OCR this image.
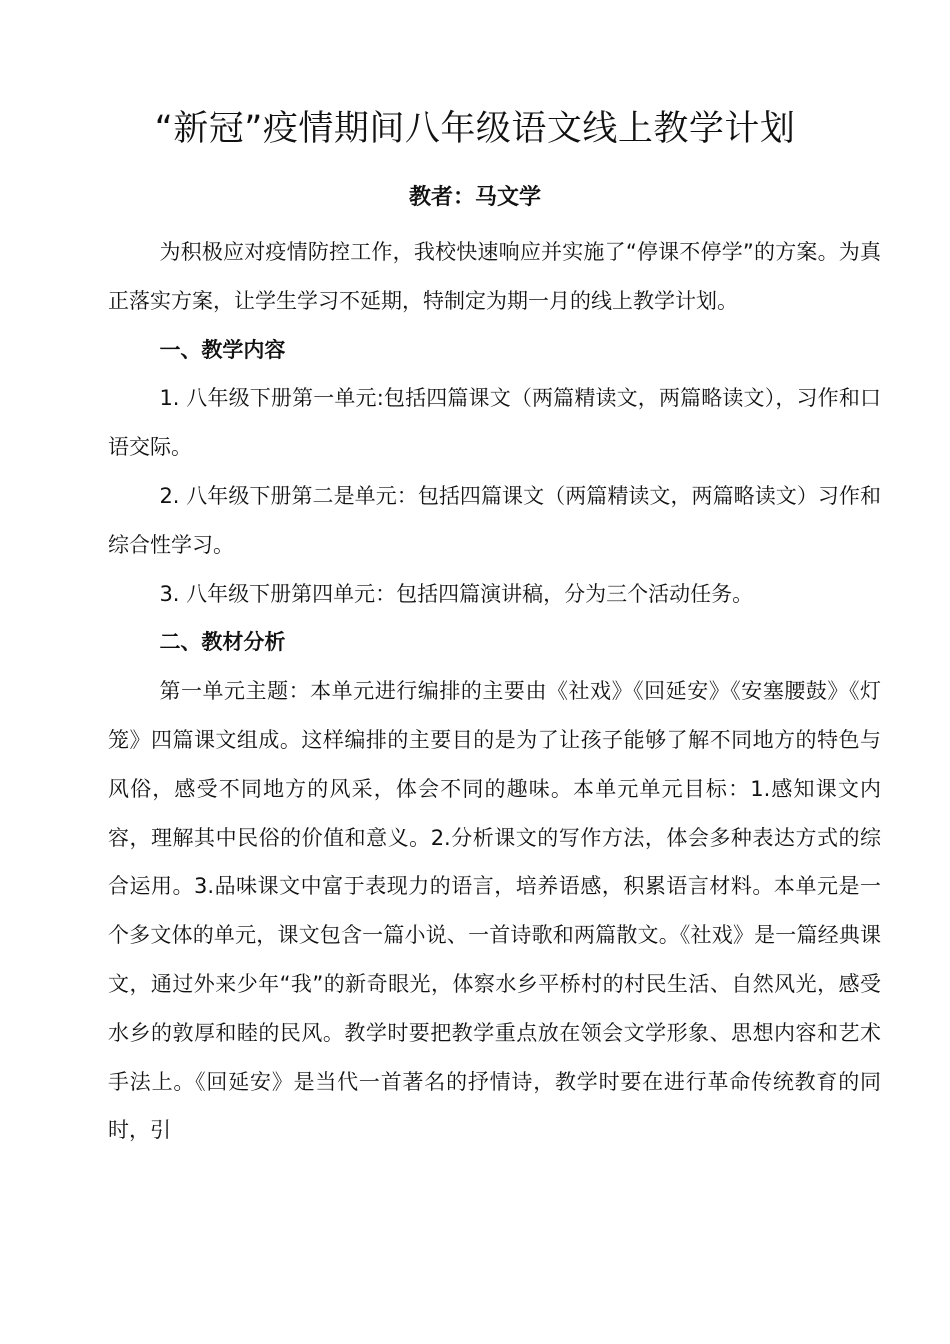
“新冠”疫情期间八年级语文线上教学计划
教者：马文学

为积极应对疫情防控工作，我校快速响应并实施了“停课不停学”的方案。为真正落实方案，让学生学习不延期，特制定为期一月的线上教学计划。

一、教学内容

1. 八年级下册第一单元:包括四篇课文（两篇精读文，两篇略读文），习作和口语交际。

2. 八年级下册第二是单元：包括四篇课文（两篇精读文，两篇略读文）习作和综合性学习。

3. 八年级下册第四单元：包括四篇演讲稿，分为三个活动任务。

二、教材分析

第一单元主题：本单元进行编排的主要由《社戏》《回延安》《安塞腰鼓》《灯笼》四篇课文组成。这样编排的主要目的是为了让孩子能够了解不同地方的特色与风俗，感受不同地方的风采，体会不同的趣味。本单元单元目标：1.感知课文内容，理解其中民俗的价值和意义。2.分析课文的写作方法，体会多种表达方式的综合运用。3.品味课文中富于表现力的语言，培养语感，积累语言材料。本单元是一个多文体的单元，课文包含一篇小说、一首诗歌和两篇散文。《社戏》是一篇经典课文，通过外来少年“我”的新奇眼光，体察水乡平桥村的村民生活、自然风光，感受水乡的敦厚和睦的民风。教学时要把教学重点放在领会文学形象、思想内容和艺术手法上。《回延安》是当代一首著名的抒情诗，教学时要在进行革命传统教育的同时，引
